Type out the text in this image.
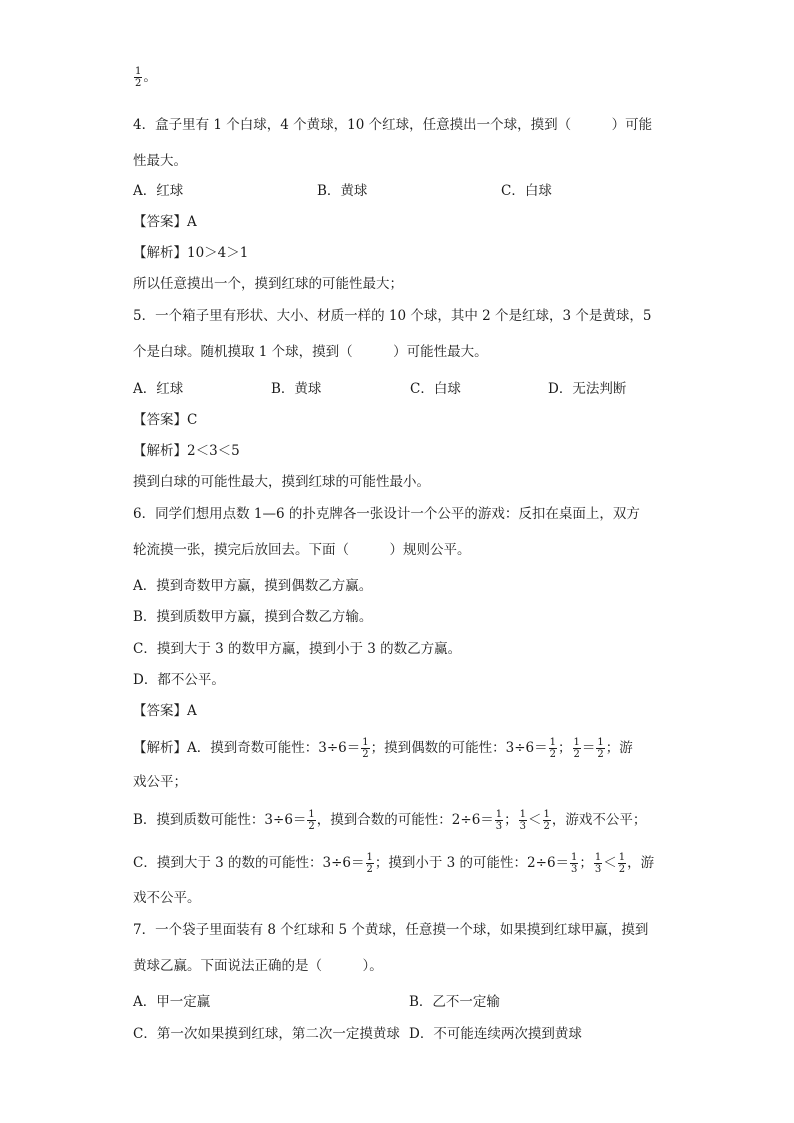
$\frac{1}{2}$ 。
4．盒子里有 1 个白球，4 个黄球，10 个红球，任意摸出一个球，摸到（　　　）可能
性最大。
A．红球	B．黄球	C．白球
【答案】A
【解析】10＞4＞1
所以任意摸出一个，摸到红球的可能性最大；
5．一个箱子里有形状、大小、材质一样的 10 个球，其中 2 个是红球，3 个是黄球，5
个是白球。随机摸取 1 个球，摸到（　　　）可能性最大。
A．红球	B．黄球	C．白球	D．无法判断
【答案】C
【解析】2＜3＜5
摸到白球的可能性最大，摸到红球的可能性最小。
6．同学们想用点数 1—6 的扑克牌各一张设计一个公平的游戏：反扣在桌面上，双方
轮流摸一张，摸完后放回去。下面（　　　）规则公平。
A．摸到奇数甲方赢，摸到偶数乙方赢。
B．摸到质数甲方赢，摸到合数乙方输。
C．摸到大于 3 的数甲方赢，摸到小于 3 的数乙方赢。
D．都不公平。
【答案】A
【解析】A．摸到奇数可能性：$3\div 6= \frac{1}{2}$ ；摸到偶数的可能性：$3\div 6= \frac{1}{2}$ ； $\frac{1}{2} = \frac{1}{2}$ ；游
戏公平；
B．摸到质数可能性：$3\div 6= \frac{1}{2}$ ，摸到合数的可能性：$2\div 6= \frac{1}{3}$ ； $\frac{1}{3} < \frac{1}{2}$ ，游戏不公平；
C．摸到大于 3 的数的可能性：$3\div 6= \frac{1}{2}$ ；摸到小于 3 的可能性：$2\div 6= \frac{1}{3}$ ； $\frac{1}{3} < \frac{1}{2}$ ，游
戏不公平。
7．一个袋子里面装有 8 个红球和 5 个黄球，任意摸一个球，如果摸到红球甲赢，摸到
黄球乙赢。下面说法正确的是（　　　）。
A．甲一定赢	B．乙不一定输
C．第一次如果摸到红球，第二次一定摸黄球 D．不可能连续两次摸到黄球
